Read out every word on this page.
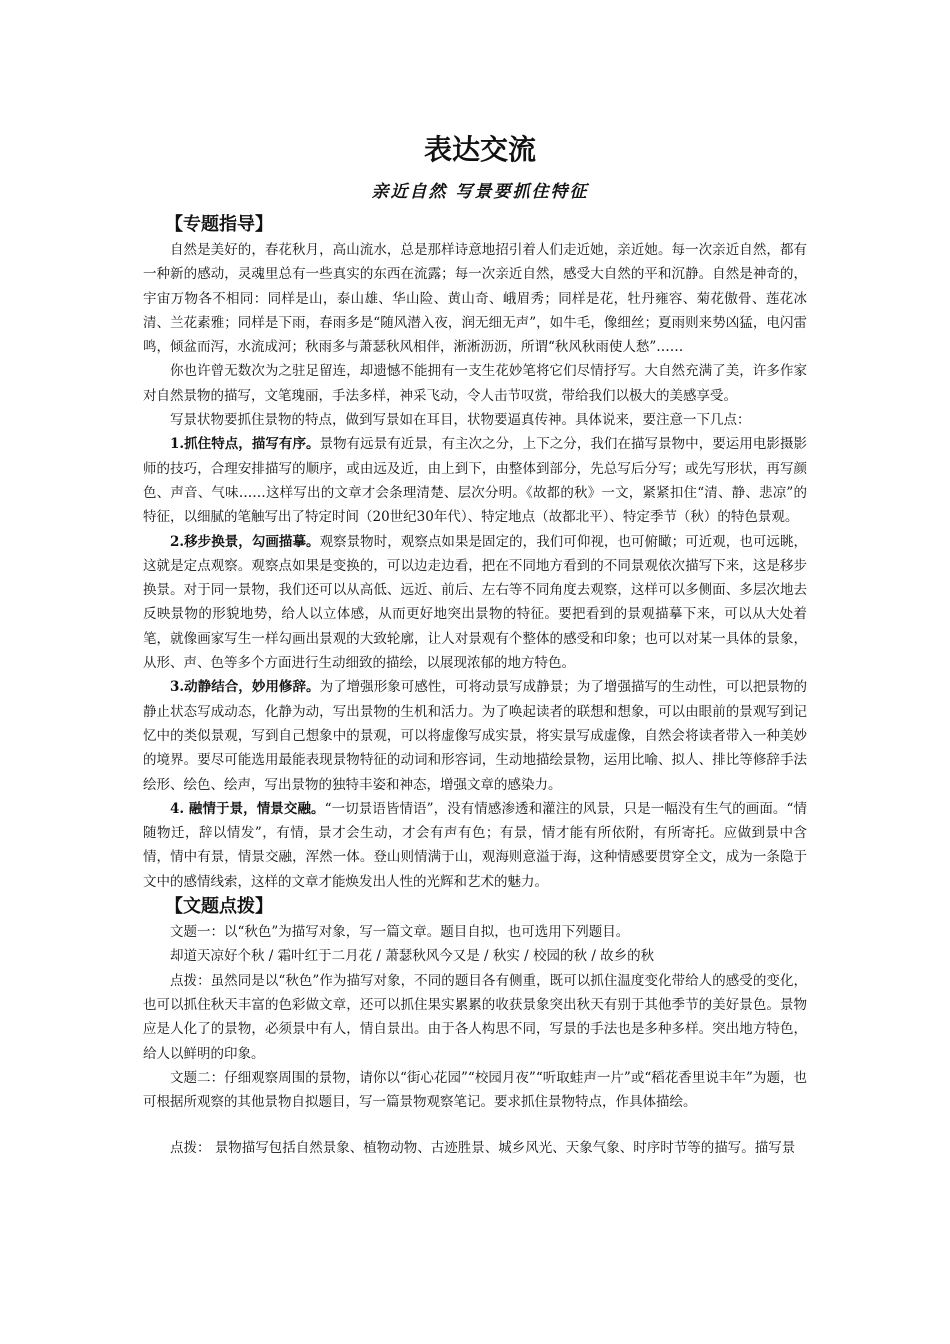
表达交流
亲近自然 写景要抓住特征
【专题指导】

自然是美好的，春花秋月，高山流水，总是那样诗意地招引着人们走近她，亲近她。每一次亲近自然，都有一种新的感动，灵魂里总有一些真实的东西在流露；每一次亲近自然，感受大自然的平和沉静。自然是神奇的，宇宙万物各不相同：同样是山，泰山雄、华山险、黄山奇、峨眉秀；同样是花，牡丹雍容、菊花傲骨、莲花冰清、兰花素雅；同样是下雨，春雨多是“随风潜入夜，润无细无声”，如牛毛，像细丝；夏雨则来势凶猛，电闪雷鸣，倾盆而泻，水流成河；秋雨多与萧瑟秋风相伴，淅淅沥沥，所谓“秋风秋雨使人愁”……

你也许曾无数次为之驻足留连，却遗憾不能拥有一支生花妙笔将它们尽情抒写。大自然充满了美，许多作家对自然景物的描写，文笔瑰丽，手法多样，神采飞动，令人击节叹赏，带给我们以极大的美感享受。

写景状物要抓住景物的特点，做到写景如在耳目，状物要逼真传神。具体说来，要注意一下几点：

1.抓住特点，描写有序。景物有远景有近景，有主次之分，上下之分，我们在描写景物中，要运用电影摄影师的技巧，合理安排描写的顺序，或由远及近，由上到下，由整体到部分，先总写后分写；或先写形状，再写颜色、声音、气味……这样写出的文章才会条理清楚、层次分明。《故都的秋》一文，紧紧扣住“清、静、悲凉”的特征，以细腻的笔触写出了特定时间（20世纪30年代）、特定地点（故都北平）、特定季节（秋）的特色景观。

2.移步换景，勾画描摹。观察景物时，观察点如果是固定的，我们可仰视，也可俯瞰；可近观，也可远眺，这就是定点观察。观察点如果是变换的，可以边走边看，把在不同地方看到的不同景观依次描写下来，这是移步换景。对于同一景物，我们还可以从高低、远近、前后、左右等不同角度去观察，这样可以多侧面、多层次地去反映景物的形貌地势，给人以立体感，从而更好地突出景物的特征。要把看到的景观描摹下来，可以从大处着笔，就像画家写生一样勾画出景观的大致轮廓，让人对景观有个整体的感受和印象；也可以对某一具体的景象，从形、声、色等多个方面进行生动细致的描绘，以展现浓郁的地方特色。

3.动静结合，妙用修辞。为了增强形象可感性，可将动景写成静景；为了增强描写的生动性，可以把景物的静止状态写成动态，化静为动，写出景物的生机和活力。为了唤起读者的联想和想象，可以由眼前的景观写到记忆中的类似景观，写到自己想象中的景观，可以将虚像写成实景，将实景写成虚像，自然会将读者带入一种美妙的境界。要尽可能选用最能表现景物特征的动词和形容词，生动地描绘景物，运用比喻、拟人、排比等修辞手法绘形、绘色、绘声，写出景物的独特丰姿和神态，增强文章的感染力。

4. 融情于景，情景交融。“一切景语皆情语”，没有情感渗透和灌注的风景，只是一幅没有生气的画面。“情随物迁，辞以情发”，有情，景才会生动，才会有声有色；有景，情才能有所依附，有所寄托。应做到景中含情，情中有景，情景交融，浑然一体。登山则情满于山，观海则意溢于海，这种情感要贯穿全文，成为一条隐于文中的感情线索，这样的文章才能焕发出人性的光辉和艺术的魅力。

【文题点拨】

文题一：以“秋色”为描写对象，写一篇文章。题目自拟，也可选用下列题目。

却道天凉好个秋 / 霜叶红于二月花 / 萧瑟秋风今又是 / 秋实 / 校园的秋 / 故乡的秋

点拨：虽然同是以“秋色”作为描写对象，不同的题目各有侧重，既可以抓住温度变化带给人的感受的变化，也可以抓住秋天丰富的色彩做文章，还可以抓住果实累累的收获景象突出秋天有别于其他季节的美好景色。景物应是人化了的景物，必须景中有人，情自景出。由于各人构思不同，写景的手法也是多种多样。突出地方特色，给人以鲜明的印象。

文题二：仔细观察周围的景物，请你以“街心花园”“校园月夜”“听取蛙声一片”或“稻花香里说丰年”为题，也可根据所观察的其他景物自拟题目，写一篇景物观察笔记。要求抓住景物特点，作具体描绘。

点拨： 景物描写包括自然景象、植物动物、古迹胜景、城乡风光、天象气象、时序时节等的描写。描写景
